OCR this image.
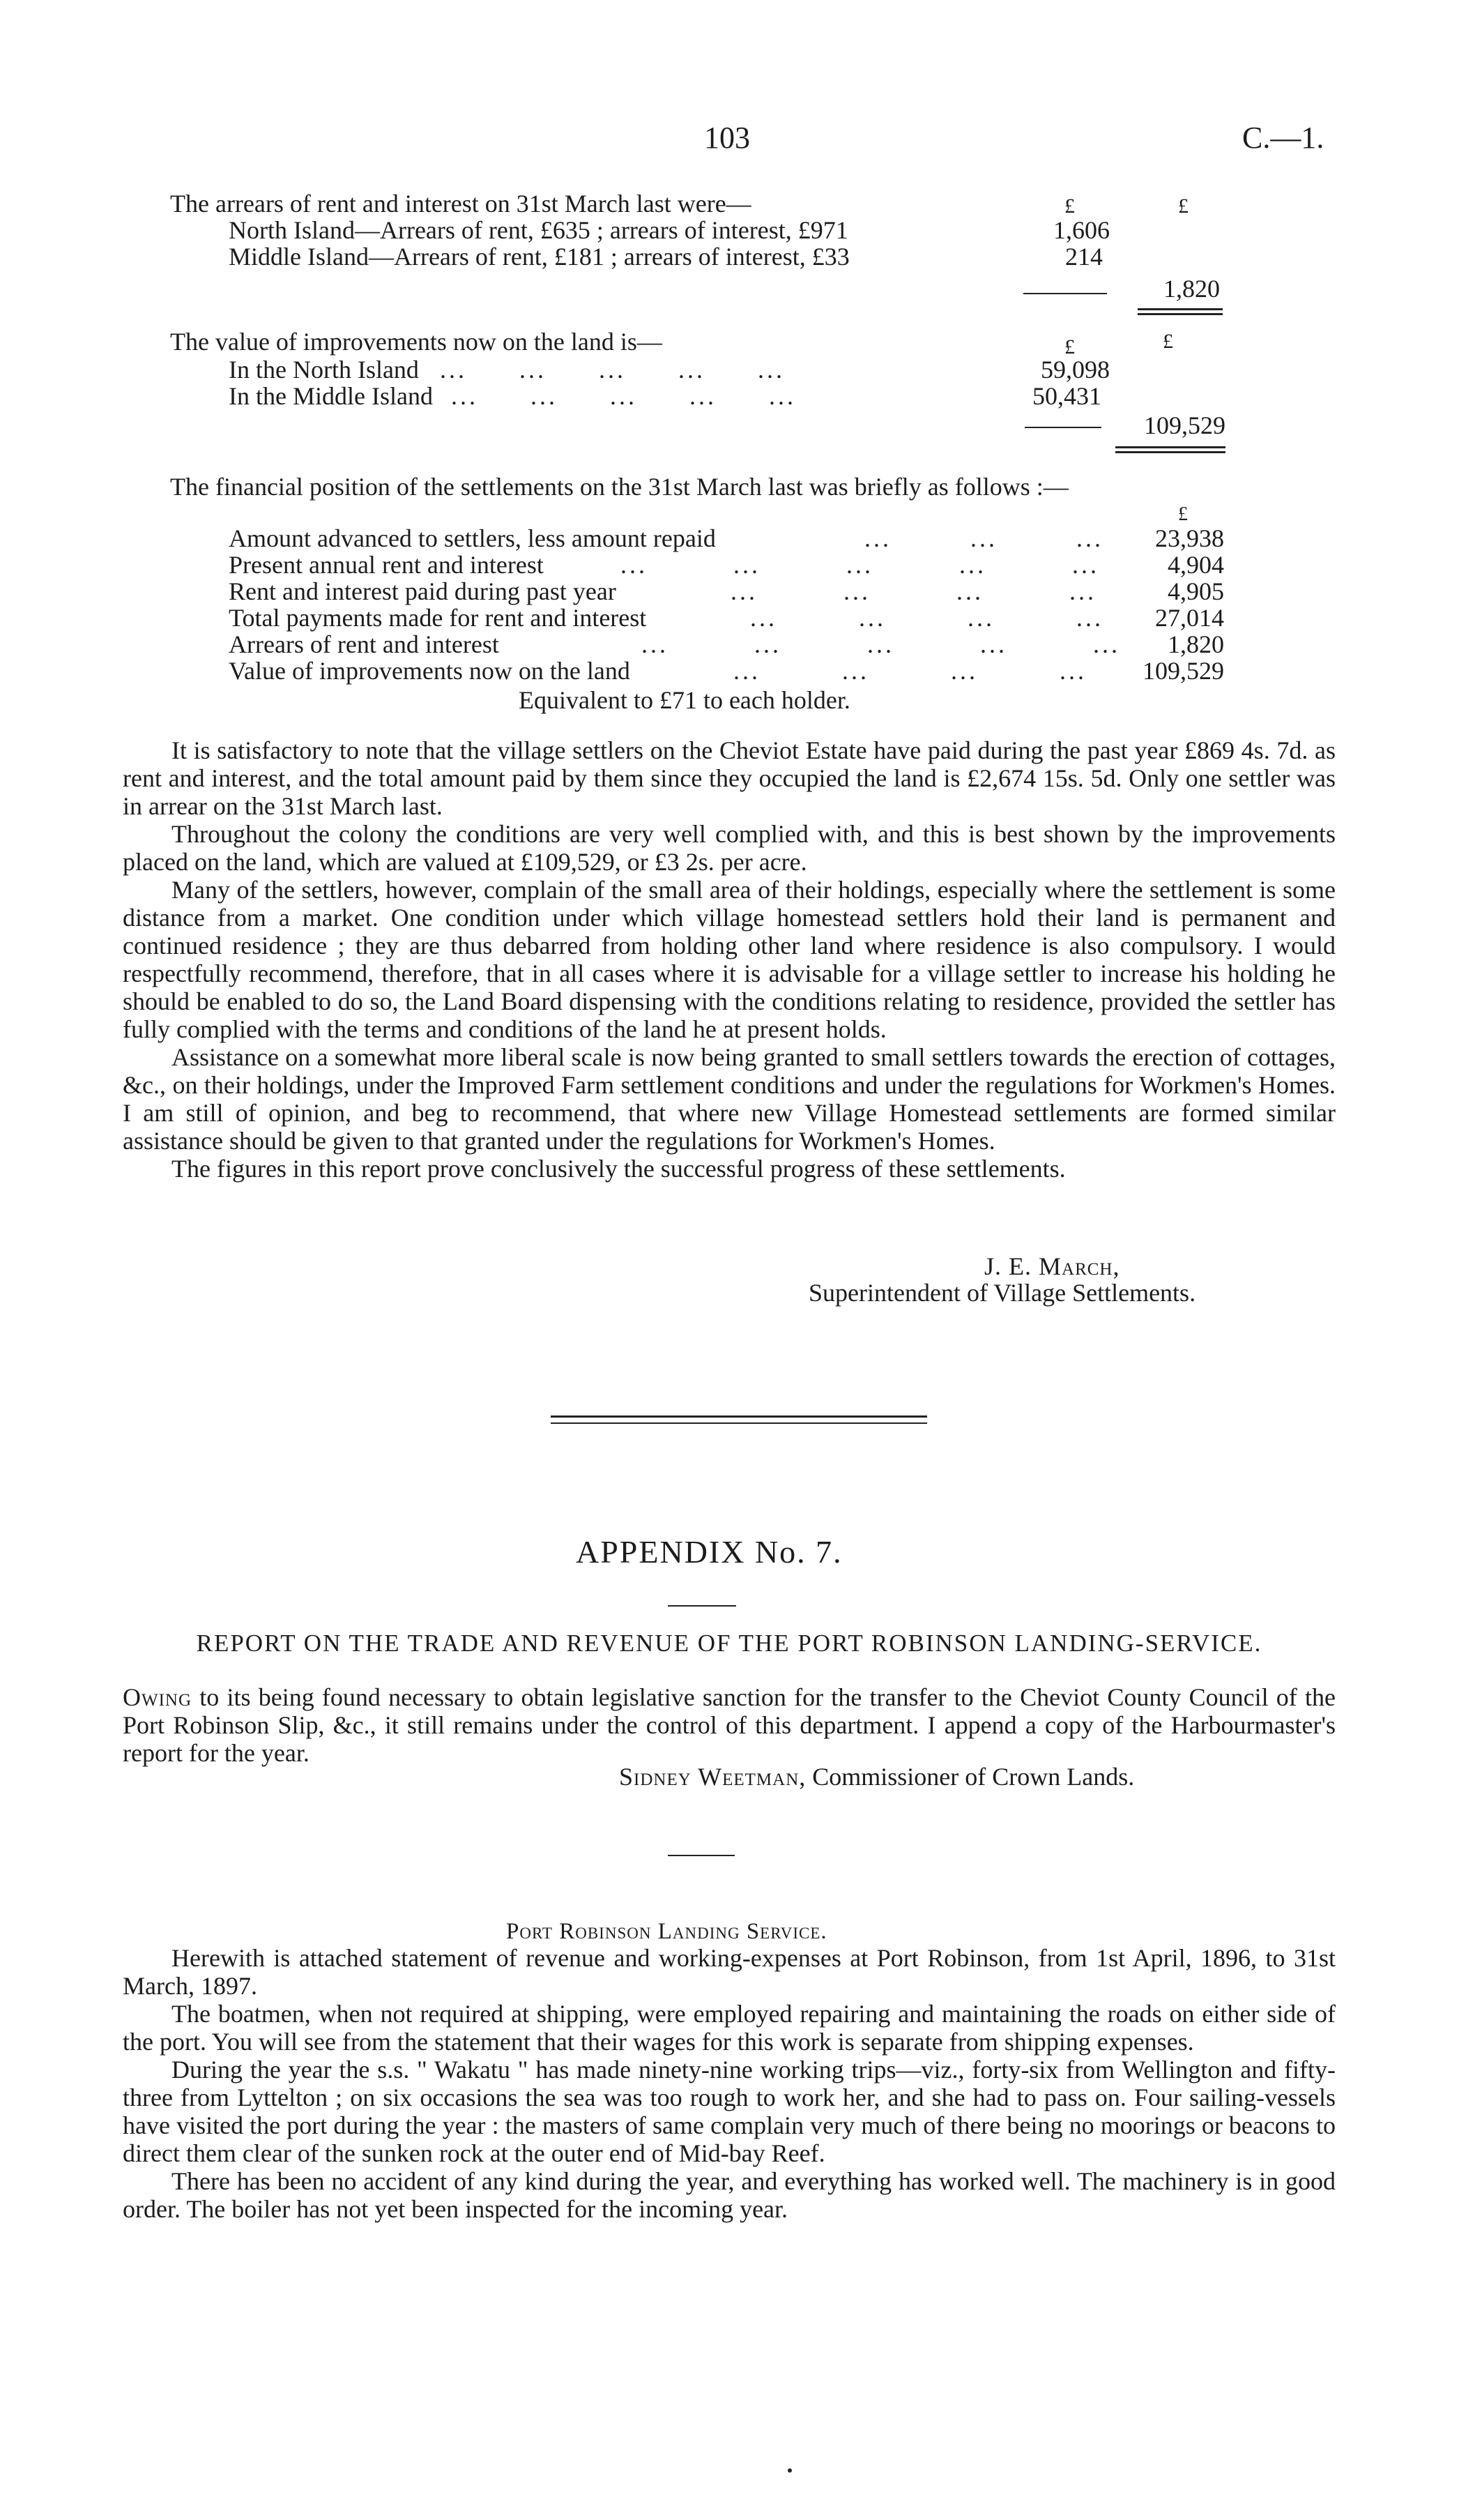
103	C.—1.
The arrears of rent and interest on 31st March last were—	£	£
North Island—Arrears of rent, £635 ; arrears of interest, £971	1,606
Middle Island—Arrears of rent, £181 ; arrears of interest, £33	214
1,820
The value of improvements now on the land is—	£	£
In the North Island ... ... ... ... ...	59,098
In the Middle Island ... ... ... ... ...	50,431
109,529
The financial position of the settlements on the 31st March last was briefly as follows :—
£
Amount advanced to settlers, less amount repaid	... ... ...	23,938
Present annual rent and interest	... ... ... ... ...	4,904
Rent and interest paid during past year	... ... ... ...	4,905
Total payments made for rent and interest	... ... ... ...	27,014
Arrears of rent and interest	... ... ... ... ...	1,820
Value of improvements now on the land	... ... ... ...	109,529
Equivalent to £71 to each holder.

It is satisfactory to note that the village settlers on the Cheviot Estate have paid during the past year £869 4s. 7d. as rent and interest, and the total amount paid by them since they occupied the land is £2,674 15s. 5d. Only one settler was in arrear on the 31st March last.

Throughout the colony the conditions are very well complied with, and this is best shown by the improvements placed on the land, which are valued at £109,529, or £3 2s. per acre.

Many of the settlers, however, complain of the small area of their holdings, especially where the settlement is some distance from a market. One condition under which village homestead settlers hold their land is permanent and continued residence ; they are thus debarred from holding other land where residence is also compulsory. I would respectfully recommend, therefore, that in all cases where it is advisable for a village settler to increase his holding he should be enabled to do so, the Land Board dispensing with the conditions relating to residence, provided the settler has fully complied with the terms and conditions of the land he at present holds.

Assistance on a somewhat more liberal scale is now being granted to small settlers towards the erection of cottages, &c., on their holdings, under the Improved Farm settlement conditions and under the regulations for Workmen's Homes. I am still of opinion, and beg to recommend, that where new Village Homestead settlements are formed similar assistance should be given to that granted under the regulations for Workmen's Homes.

The figures in this report prove conclusively the successful progress of these settlements.

J. E. March,
Superintendent of Village Settlements.
APPENDIX No. 7.
REPORT ON THE TRADE AND REVENUE OF THE PORT ROBINSON LANDING-SERVICE.

Owing to its being found necessary to obtain legislative sanction for the transfer to the Cheviot County Council of the Port Robinson Slip, &c., it still remains under the control of this department. I append a copy of the Harbourmaster's report for the year.

Sidney Weetman, Commissioner of Crown Lands.
Port Robinson Landing Service.

Herewith is attached statement of revenue and working-expenses at Port Robinson, from 1st April, 1896, to 31st March, 1897.

The boatmen, when not required at shipping, were employed repairing and maintaining the roads on either side of the port. You will see from the statement that their wages for this work is separate from shipping expenses.

During the year the s.s. " Wakatu " has made ninety-nine working trips—viz., forty-six from Wellington and fifty-three from Lyttelton ; on six occasions the sea was too rough to work her, and she had to pass on. Four sailing-vessels have visited the port during the year : the masters of same complain very much of there being no moorings or beacons to direct them clear of the sunken rock at the outer end of Mid-bay Reef.

There has been no accident of any kind during the year, and everything has worked well. The machinery is in good order. The boiler has not yet been inspected for the incoming year.
